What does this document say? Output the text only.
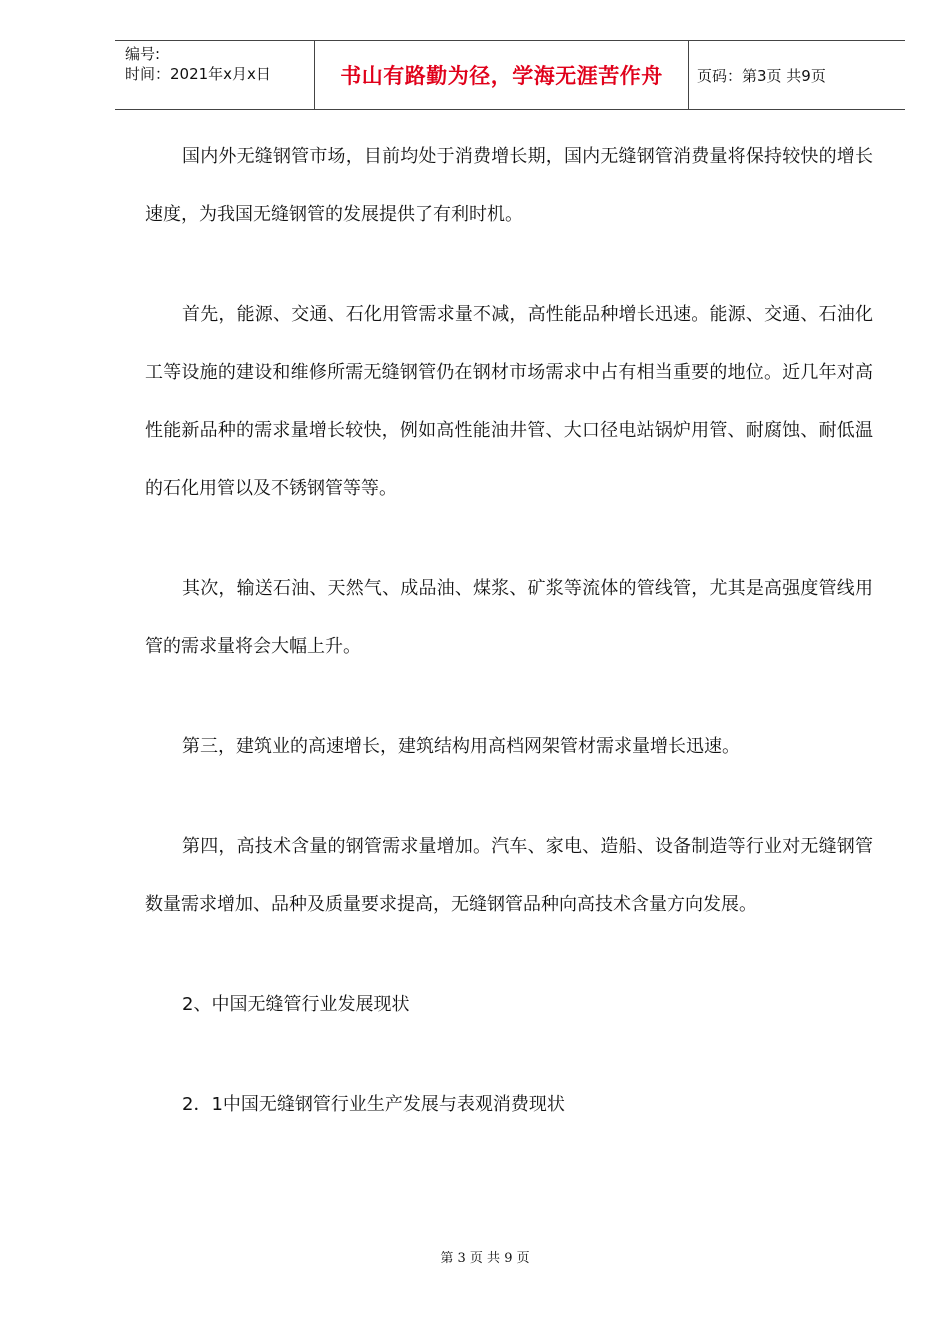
编号:
时间：2021年x月x日	书山有路勤为径，学海无涯苦作舟	页码：第3页 共9页

国内外无缝钢管市场，目前均处于消费增长期，国内无缝钢管消费量将保持较快的增长速度，为我国无缝钢管的发展提供了有利时机。

首先，能源、交通、石化用管需求量不减，高性能品种增长迅速。能源、交通、石油化工等设施的建设和维修所需无缝钢管仍在钢材市场需求中占有相当重要的地位。近几年对高性能新品种的需求量增长较快，例如高性能油井管、大口径电站锅炉用管、耐腐蚀、耐低温的石化用管以及不锈钢管等等。

其次，输送石油、天然气、成品油、煤浆、矿浆等流体的管线管，尤其是高强度管线用管的需求量将会大幅上升。

第三，建筑业的高速增长，建筑结构用高档网架管材需求量增长迅速。

第四，高技术含量的钢管需求量增加。汽车、家电、造船、设备制造等行业对无缝钢管数量需求增加、品种及质量要求提高，无缝钢管品种向高技术含量方向发展。

2、中国无缝管行业发展现状

2．1中国无缝钢管行业生产发展与表观消费现状

第 3 页 共 9 页
